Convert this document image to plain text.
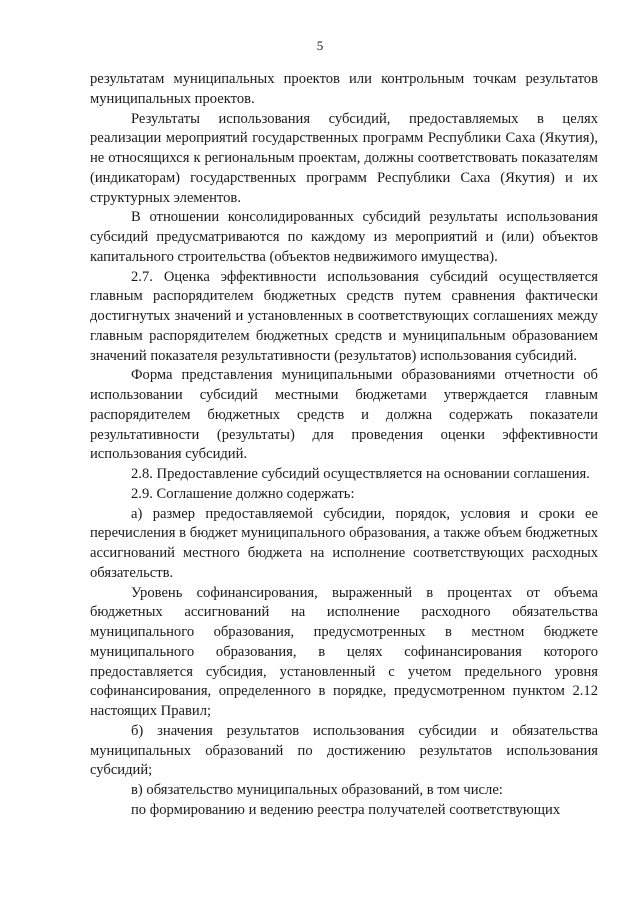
5

результатам муниципальных проектов или контрольным точкам результатов муниципальных проектов.

Результаты использования субсидий, предоставляемых в целях реализации мероприятий государственных программ Республики Саха (Якутия), не относящихся к региональным проектам, должны соответствовать показателям (индикаторам) государственных программ Республики Саха (Якутия) и их структурных элементов.

В отношении консолидированных субсидий результаты использования субсидий предусматриваются по каждому из мероприятий и (или) объектов капитального строительства (объектов недвижимого имущества).

2.7. Оценка эффективности использования субсидий осуществляется главным распорядителем бюджетных средств путем сравнения фактически достигнутых значений и установленных в соответствующих соглашениях между главным распорядителем бюджетных средств и муниципальным образованием значений показателя результативности (результатов) использования субсидий.

Форма представления муниципальными образованиями отчетности об использовании субсидий местными бюджетами утверждается главным распорядителем бюджетных средств и должна содержать показатели результативности (результаты) для проведения оценки эффективности использования субсидий.

2.8. Предоставление субсидий осуществляется на основании соглашения.

2.9. Соглашение должно содержать:

а) размер предоставляемой субсидии, порядок, условия и сроки ее перечисления в бюджет муниципального образования, а также объем бюджетных ассигнований местного бюджета на исполнение соответствующих расходных обязательств.

Уровень софинансирования, выраженный в процентах от объема бюджетных ассигнований на исполнение расходного обязательства муниципального образования, предусмотренных в местном бюджете муниципального образования, в целях софинансирования которого предоставляется субсидия, установленный с учетом предельного уровня софинансирования, определенного в порядке, предусмотренном пунктом 2.12 настоящих Правил;

б) значения результатов использования субсидии и обязательства муниципальных образований по достижению результатов использования субсидий;

в) обязательство муниципальных образований, в том числе:

по формированию и ведению реестра получателей соответствующих
